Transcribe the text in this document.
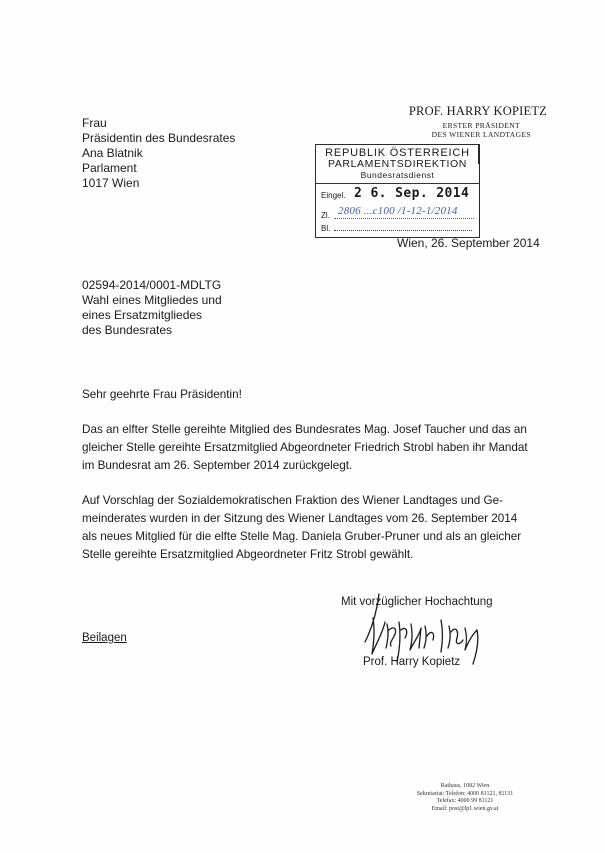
PROF. HARRY KOPIETZ
ERSTER PRÄSIDENT
DES WIENER LANDTAGES
Frau
Präsidentin des Bundesrates
Ana Blatnik
Parlament
1017 Wien
REPUBLIK ÖSTERREICH
PARLAMENTSDIREKTION
Bundesratsdienst
Eingel. 2 6. Sep. 2014
Zl. 2806 ...c100 /1-12-1/2014
Bl.
Wien, 26. September 2014
02594-2014/0001-MDLTG
Wahl eines Mitgliedes und
eines Ersatzmitgliedes
des Bundesrates
Sehr geehrte Frau Präsidentin!
Das an elfter Stelle gereihte Mitglied des Bundesrates Mag. Josef Taucher und das an
gleicher Stelle gereihte Ersatzmitglied Abgeordneter Friedrich Strobl haben ihr Mandat
im Bundesrat am 26. September 2014 zurückgelegt.
Auf Vorschlag der Sozialdemokratischen Fraktion des Wiener Landtages und Ge-
meinderates wurden in der Sitzung des Wiener Landtages vom 26. September 2014
als neues Mitglied für die elfte Stelle Mag. Daniela Gruber-Pruner und als an gleicher
Stelle gereihte Ersatzmitglied Abgeordneter Fritz Strobl gewählt.
Mit vorzüglicher Hochachtung
Prof. Harry Kopietz
Beilagen
Rathaus, 1082 Wien
Sekretariat: Telefon: 4000 81121, 81131
Telefax: 4000 99 81121
Email: post@lp1.wien.gv.at
